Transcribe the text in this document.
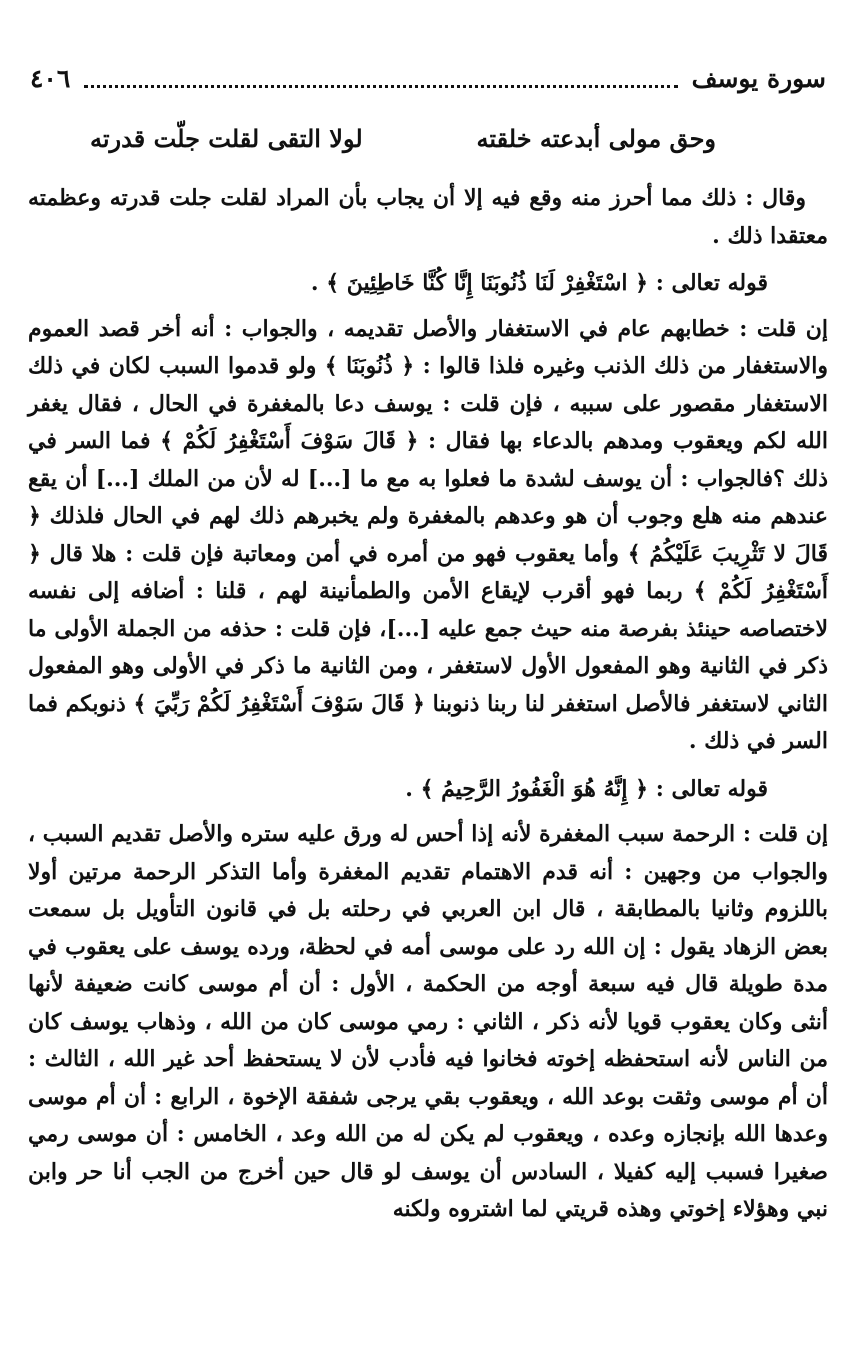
سورة يوسف
٤٠٦
وحق مولى أبدعته خلقته
لولا التقى لقلت جلّت قدرته

وقال : ذلك مما أحرز منه وقع فيه إلا أن يجاب بأن المراد لقلت جلت قدرته وعظمته معتقدا ذلك .

قوله تعالى : ﴿ اسْتَغْفِرْ لَنَا ذُنُوبَنَا إِنَّا كُنَّا خَاطِئِينَ ﴾ .

إن قلت : خطابهم عام في الاستغفار والأصل تقديمه ، والجواب : أنه أخر قصد العموم والاستغفار من ذلك الذنب وغيره فلذا قالوا : ﴿ ذُنُوبَنَا ﴾ ولو قدموا السبب لكان في ذلك الاستغفار مقصور على سببه ، فإن قلت : يوسف دعا بالمغفرة في الحال ، فقال يغفر الله لكم ويعقوب ومدهم بالدعاء بها فقال : ﴿ قَالَ سَوْفَ أَسْتَغْفِرُ لَكُمْ ﴾ فما السر في ذلك ؟فالجواب : أن يوسف لشدة ما فعلوا به مع ما [...] له لأن من الملك [...] أن يقع عندهم منه هلع وجوب أن هو وعدهم بالمغفرة ولم يخبرهم ذلك لهم في الحال فلذلك ﴿ قَالَ لا تَثْرِيبَ عَلَيْكُمُ ﴾ وأما يعقوب فهو من أمره في أمن ومعاتبة فإن قلت : هلا قال ﴿ أَسْتَغْفِرُ لَكُمْ ﴾ ربما فهو أقرب لإيقاع الأمن والطمأنينة لهم ، قلنا : أضافه إلى نفسه لاختصاصه حينئذ بفرصة منه حيث جمع عليه [...]، فإن قلت : حذفه من الجملة الأولى ما ذكر في الثانية وهو المفعول الأول لاستغفر ، ومن الثانية ما ذكر في الأولى وهو المفعول الثاني لاستغفر فالأصل استغفر لنا ربنا ذنوبنا ﴿ قَالَ سَوْفَ أَسْتَغْفِرُ لَكُمْ رَبِّيَ ﴾ ذنوبكم فما السر في ذلك .

قوله تعالى : ﴿ إِنَّهُ هُوَ الْغَفُورُ الرَّحِيمُ ﴾ .

إن قلت : الرحمة سبب المغفرة لأنه إذا أحس له ورق عليه ستره والأصل تقديم السبب ، والجواب من وجهين : أنه قدم الاهتمام تقديم المغفرة وأما التذكر الرحمة مرتين أولا باللزوم وثانيا بالمطابقة ، قال ابن العربي في رحلته بل في قانون التأويل بل سمعت بعض الزهاد يقول : إن الله رد على موسى أمه في لحظة، ورده يوسف على يعقوب في مدة طويلة قال فيه سبعة أوجه من الحكمة ، الأول : أن أم موسى كانت ضعيفة لأنها أنثى وكان يعقوب قويا لأنه ذكر ، الثاني : رمي موسى كان من الله ، وذهاب يوسف كان من الناس لأنه استحفظه إخوته فخانوا فيه فأدب لأن لا يستحفظ أحد غير الله ، الثالث : أن أم موسى وثقت بوعد الله ، ويعقوب بقي يرجى شفقة الإخوة ، الرابع : أن أم موسى وعدها الله بإنجازه وعده ، ويعقوب لم يكن له من الله وعد ، الخامس : أن موسى رمي صغيرا فسبب إليه كفيلا ، السادس أن يوسف لو قال حين أخرج من الجب أنا حر وابن نبي وهؤلاء إخوتي وهذه قريتي لما اشتروه ولكنه
